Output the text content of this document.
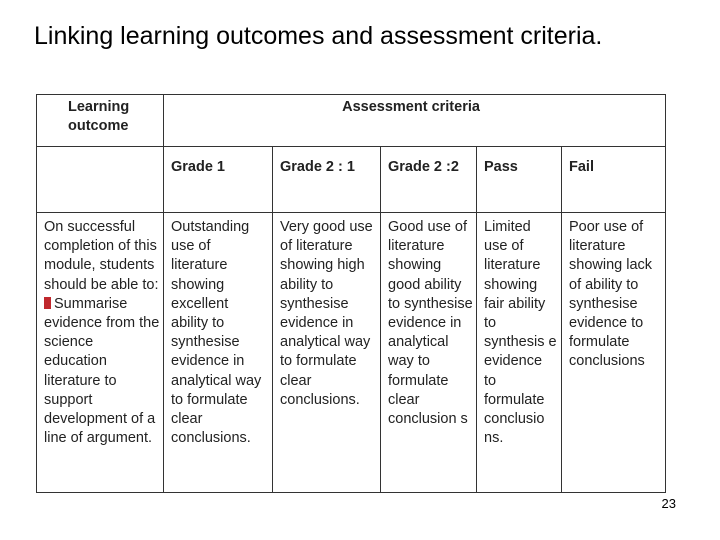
Linking learning outcomes and assessment criteria.
Learning outcome	Assessment criteria				
	Grade 1	Grade 2 : 1	Grade 2 :2	Pass	Fail
On successful completion of this module, students should be able to: Summarise evidence from the science education literature to support development of a line of argument.	Outstanding use of literature showing excellent ability to synthesise evidence in analytical way to formulate clear conclusions.	Very good use of literature showing high ability to synthesise evidence in analytical way to formulate clear conclusions.	Good use of literature showing good ability to synthesise evidence in analytical way to formulate clear conclusion s	Limited use of literature showing fair ability to synthesis e evidence to formulate conclusio ns.	Poor use of literature showing lack of ability to synthesise evidence to formulate conclusions
23
